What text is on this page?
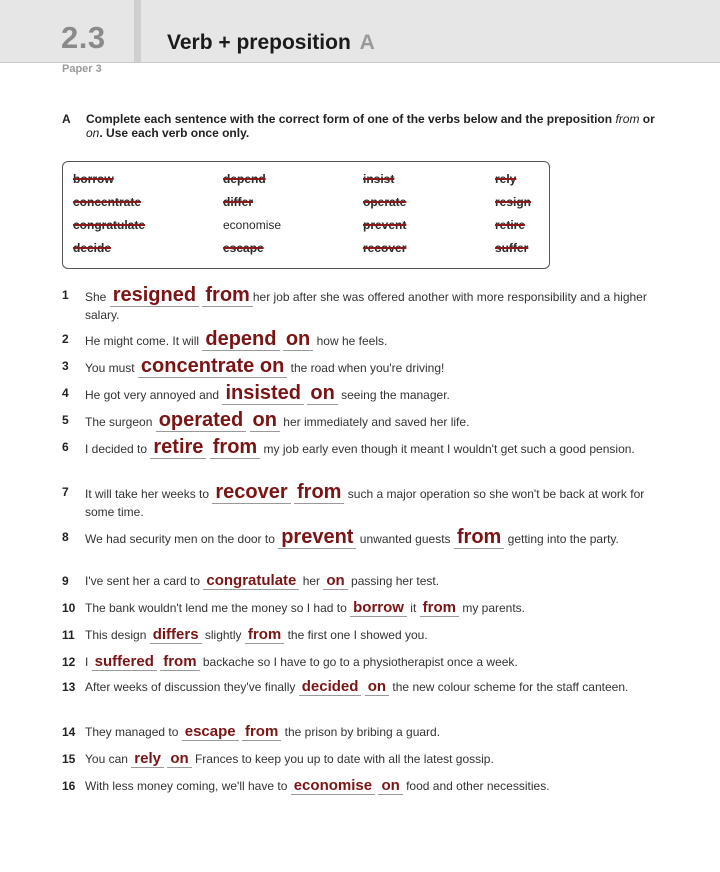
2.3	Verb + preposition A
Paper 3
A Complete each sentence with the correct form of one of the verbs below and the preposition from or on. Use each verb once only.
borrow	depend	insist	rely
concentrate	differ	operate	resign
congratulate	economise	prevent	retire
decide	escape	recover	suffer
1 She resigned from her job after she was offered another with more responsibility and a higher salary.
2 He might come. It will depend on how he feels.
3 You must concentrate on the road when you're driving!
4 He got very annoyed and insisted on seeing the manager.
5 The surgeon operated on her immediately and saved her life.
6 I decided to retire from my job early even though it meant I wouldn't get such a good pension.
7 It will take her weeks to recover from such a major operation so she won't be back at work for some time.
8 We had security men on the door to prevent unwanted guests from getting into the party.
9 I've sent her a card to congratulate her on passing her test.
10 The bank wouldn't lend me the money so I had to borrow it from my parents.
11 This design differs slightly from the first one I showed you.
12 I suffered from backache so I have to go to a physiotherapist once a week.
13 After weeks of discussion they've finally decided on the new colour scheme for the staff canteen.
14 They managed to escape from the prison by bribing a guard.
15 You can rely on Frances to keep you up to date with all the latest gossip.
16 With less money coming, we'll have to economise on food and other necessities.
